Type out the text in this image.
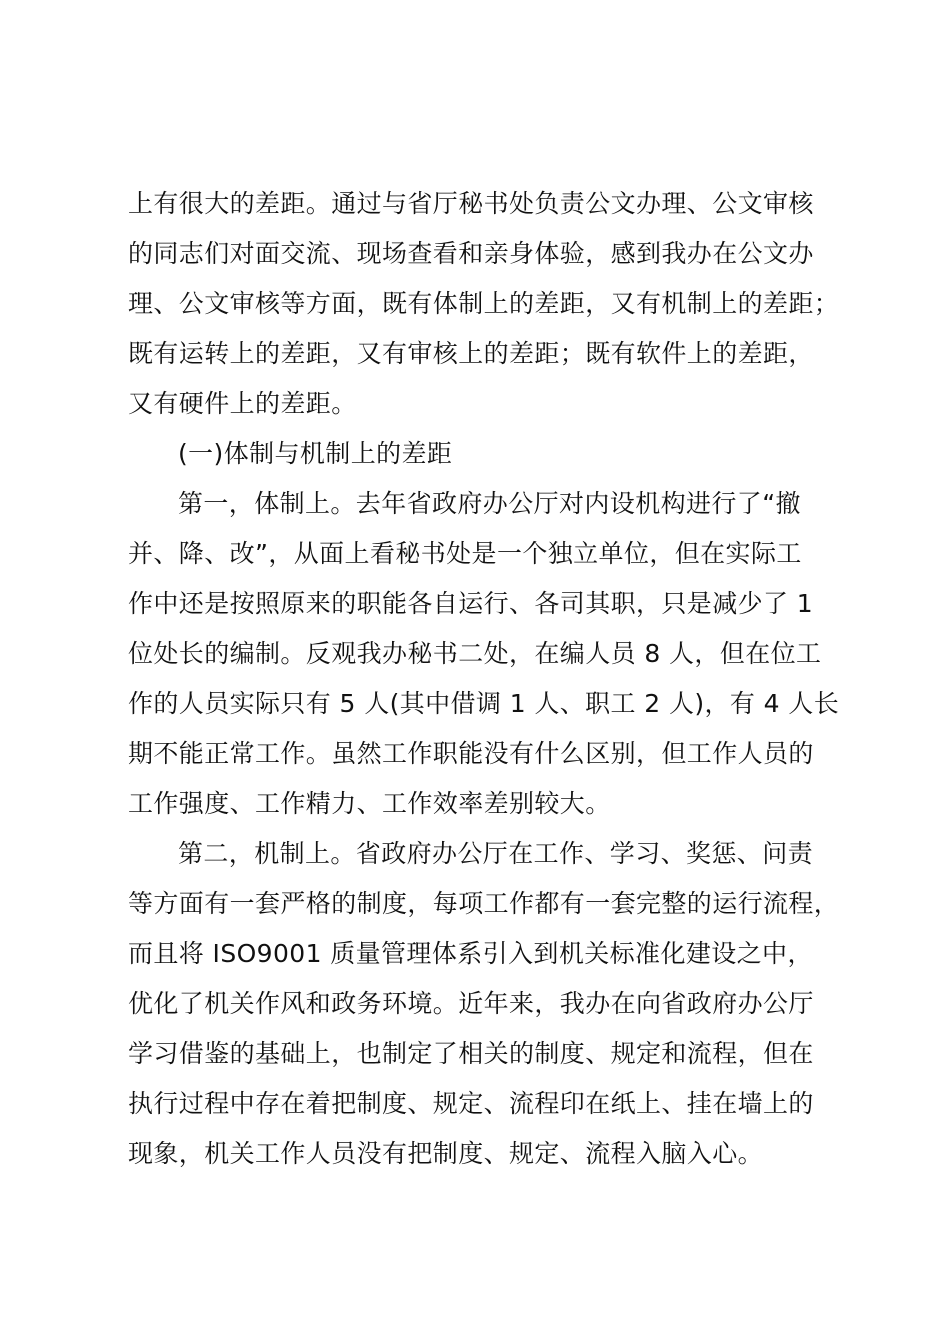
上有很大的差距。通过与省厅秘书处负责公文办理、公文审核
的同志们对面交流、现场查看和亲身体验，感到我办在公文办
理、公文审核等方面，既有体制上的差距，又有机制上的差距；
既有运转上的差距，又有审核上的差距；既有软件上的差距，
又有硬件上的差距。
(一)体制与机制上的差距
第一，体制上。去年省政府办公厅对内设机构进行了“撤
并、降、改”，从面上看秘书处是一个独立单位，但在实际工
作中还是按照原来的职能各自运行、各司其职，只是减少了 1
位处长的编制。反观我办秘书二处，在编人员 8 人，但在位工
作的人员实际只有 5 人(其中借调 1 人、职工 2 人)，有 4 人长
期不能正常工作。虽然工作职能没有什么区别，但工作人员的
工作强度、工作精力、工作效率差别较大。
第二，机制上。省政府办公厅在工作、学习、奖惩、问责
等方面有一套严格的制度，每项工作都有一套完整的运行流程，
而且将 ISO9001 质量管理体系引入到机关标准化建设之中，
优化了机关作风和政务环境。近年来，我办在向省政府办公厅
学习借鉴的基础上，也制定了相关的制度、规定和流程，但在
执行过程中存在着把制度、规定、流程印在纸上、挂在墙上的
现象，机关工作人员没有把制度、规定、流程入脑入心。
